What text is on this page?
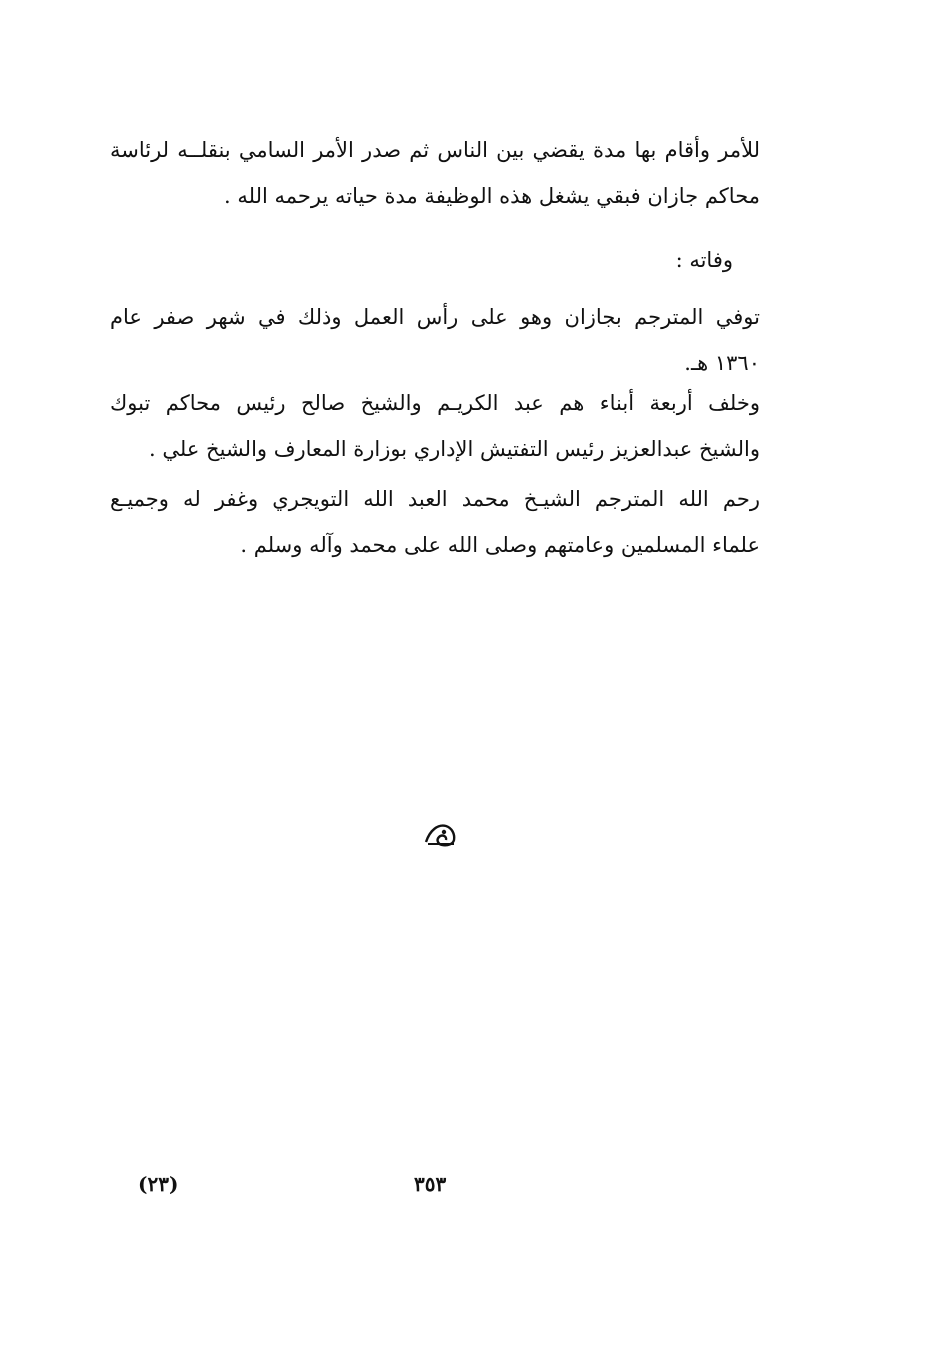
للأمر وأقام بها مدة يقضي بين الناس ثم صدر الأمر السامي بنقلــه لرئاسة
محاكم جازان فبقي يشغل هذه الوظيفة مدة حياته يرحمه الله .
وفاته :
توفي المترجم بجازان وهو على رأس العمل وذلك في شهر صفر عام
١٣٦٠ هـ.
وخلف أربعة أبناء هم عبد الكريـم والشيخ صالح رئيس محاكم تبوك
والشيخ عبدالعزيز رئيس التفتيش الإداري بوزارة المعارف والشيخ علي .
رحم الله المترجم الشيـخ محمد العبد الله التويجري وغفر له وجميـع
علماء المسلمين وعامتهم وصلى الله على محمد وآله وسلم .
(٢٣)	٣٥٣
